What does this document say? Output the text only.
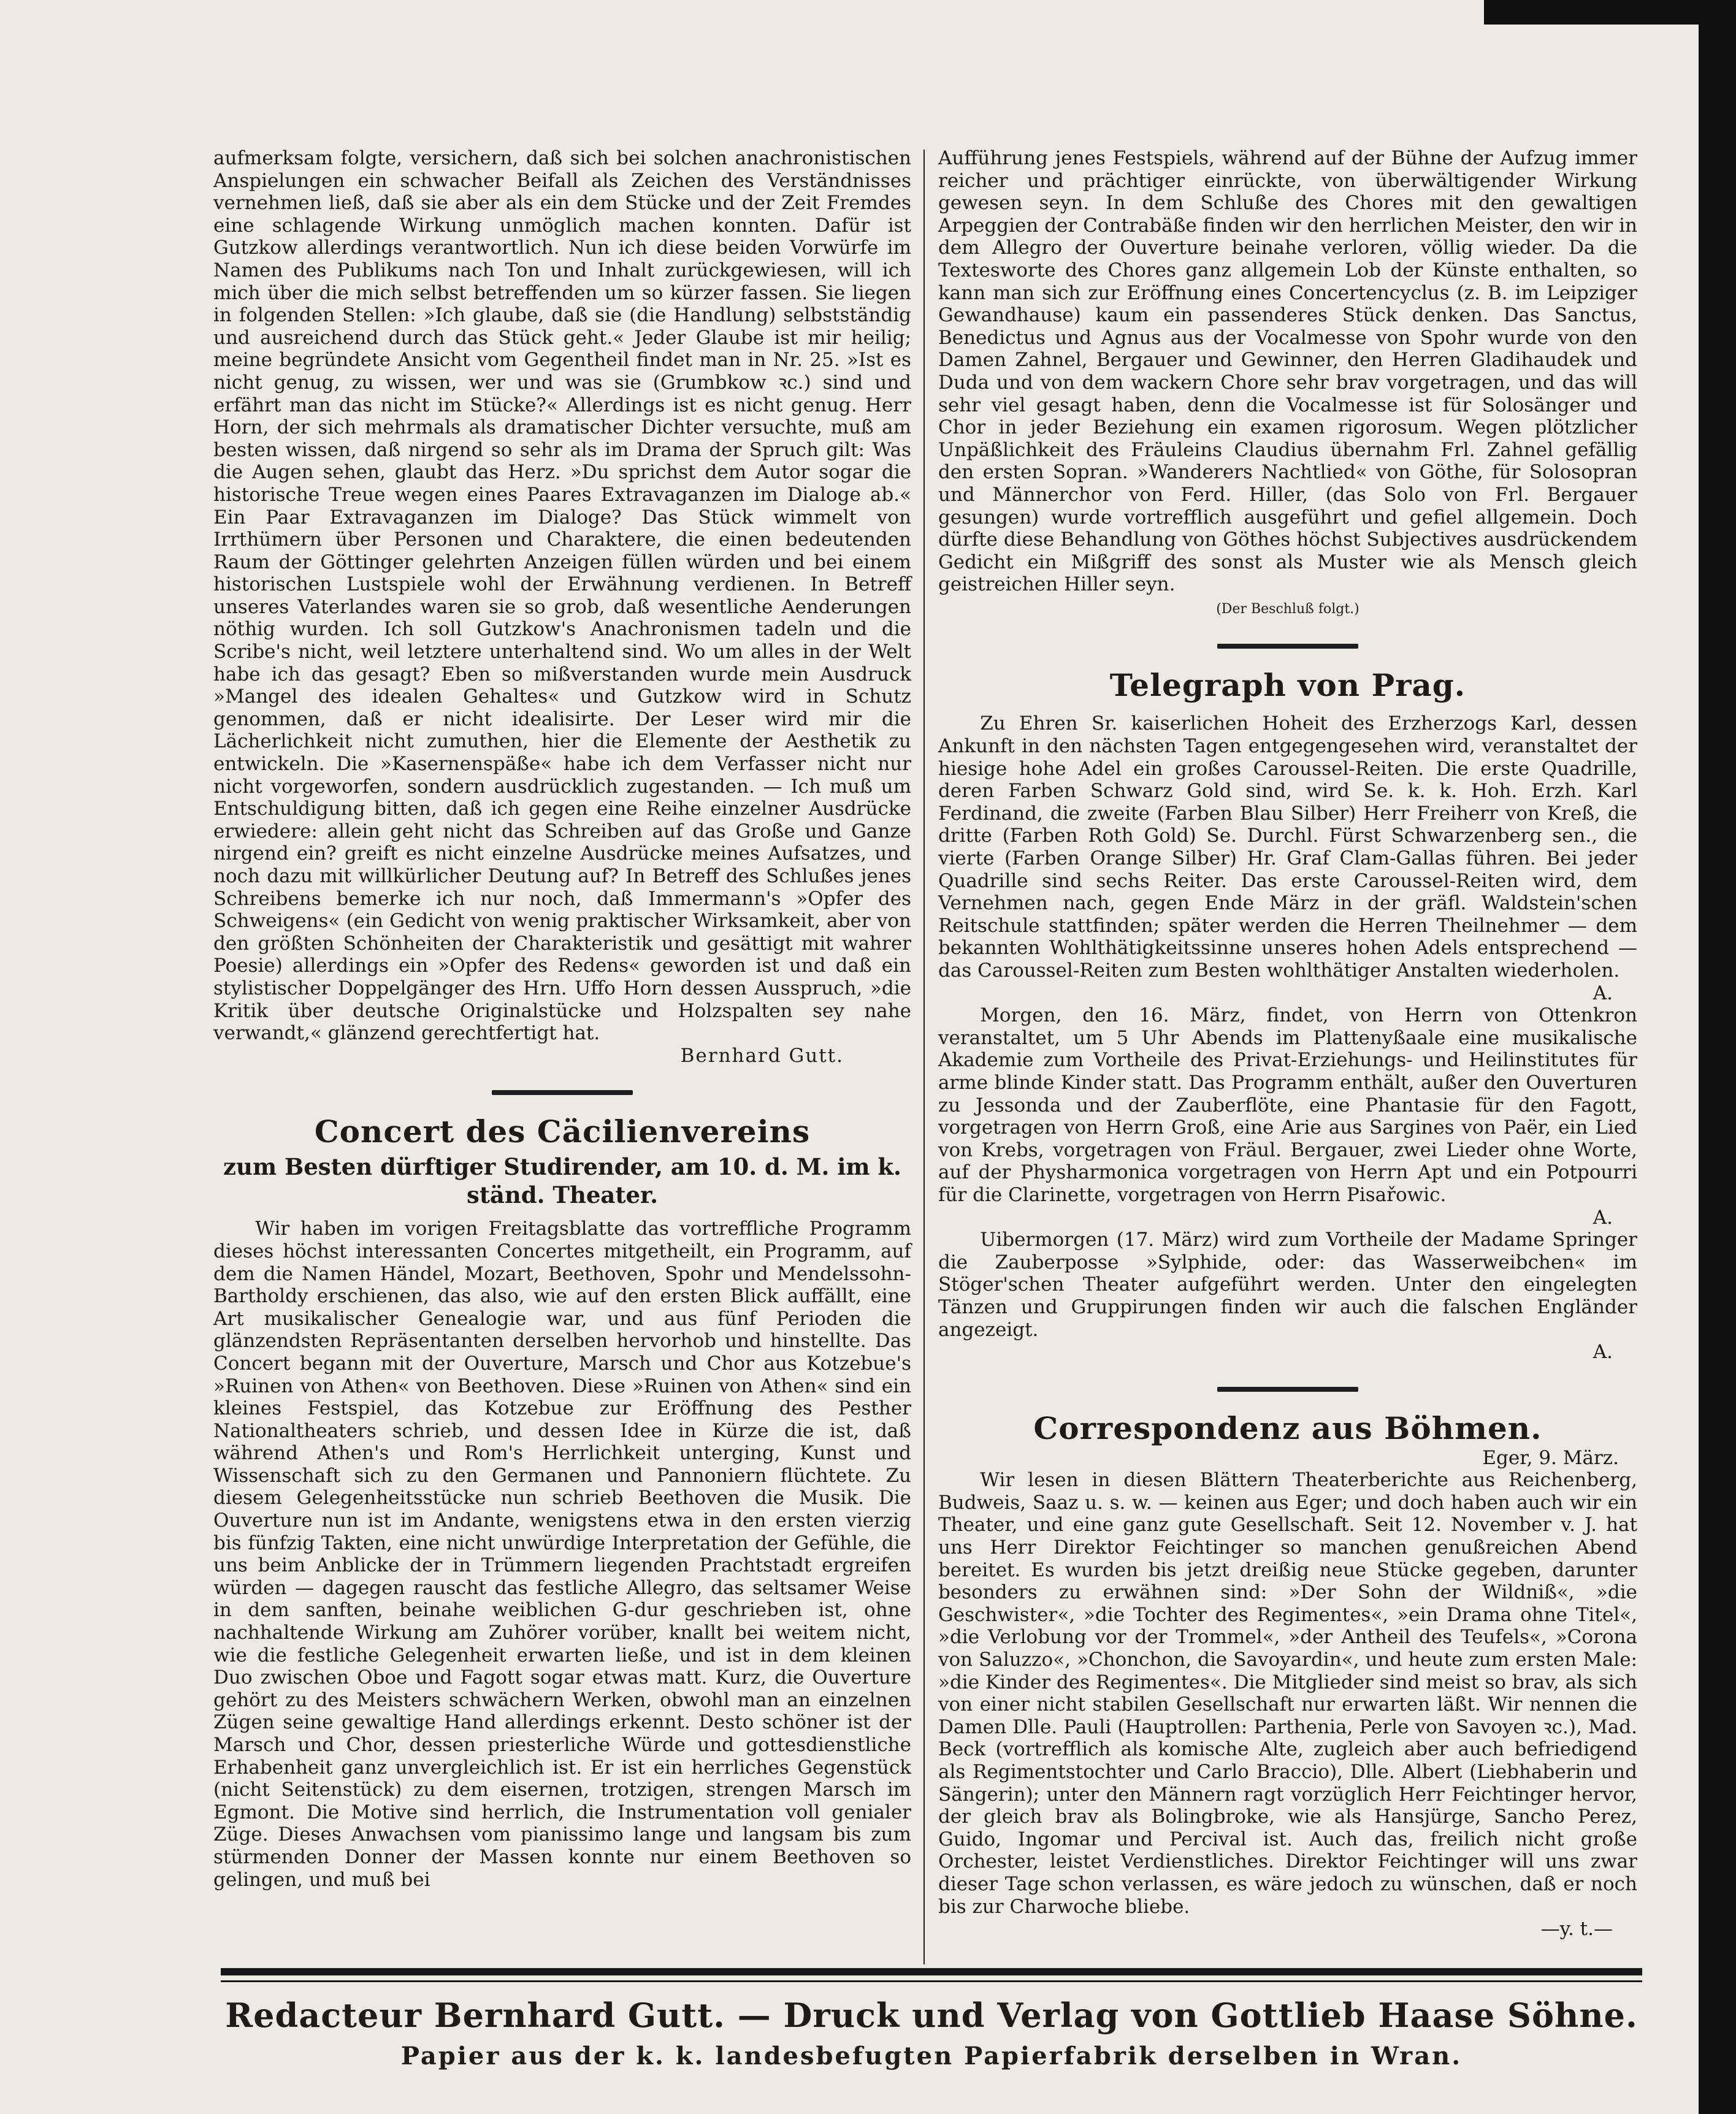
aufmerksam folgte, versichern, daß sich bei solchen anachronistischen Anspielungen ein schwacher Beifall als Zeichen des Verständnisses vernehmen ließ, daß sie aber als ein dem Stücke und der Zeit Fremdes eine schlagende Wirkung unmöglich machen konnten. Dafür ist Gutzkow allerdings verantwortlich. Nun ich diese beiden Vorwürfe im Namen des Publikums nach Ton und Inhalt zurückgewiesen, will ich mich über die mich selbst betreffenden um so kürzer fassen. Sie liegen in folgenden Stellen: »Ich glaube, daß sie (die Handlung) selbstständig und ausreichend durch das Stück geht.« Jeder Glaube ist mir heilig; meine begründete Ansicht vom Gegentheil findet man in Nr. 25. »Ist es nicht genug, zu wissen, wer und was sie (Grumbkow ꝛc.) sind und erfährt man das nicht im Stücke?« Allerdings ist es nicht genug. Herr Horn, der sich mehrmals als dramatischer Dichter versuchte, muß am besten wissen, daß nirgend so sehr als im Drama der Spruch gilt: Was die Augen sehen, glaubt das Herz. »Du sprichst dem Autor sogar die historische Treue wegen eines Paares Extravaganzen im Dialoge ab.« Ein Paar Extravaganzen im Dialoge? Das Stück wimmelt von Irrthümern über Personen und Charaktere, die einen bedeutenden Raum der Göttinger gelehrten Anzeigen füllen würden und bei einem historischen Lustspiele wohl der Erwähnung verdienen. In Betreff unseres Vaterlandes waren sie so grob, daß wesentliche Aenderungen nöthig wurden. Ich soll Gutzkow's Anachronismen tadeln und die Scribe's nicht, weil letztere unterhaltend sind. Wo um alles in der Welt habe ich das gesagt? Eben so mißverstanden wurde mein Ausdruck »Mangel des idealen Gehaltes« und Gutzkow wird in Schutz genommen, daß er nicht idealisirte. Der Leser wird mir die Lächerlichkeit nicht zumuthen, hier die Elemente der Aesthetik zu entwickeln. Die »Kasernenspäße« habe ich dem Verfasser nicht nur nicht vorgeworfen, sondern ausdrücklich zugestanden. — Ich muß um Entschuldigung bitten, daß ich gegen eine Reihe einzelner Ausdrücke erwiedere: allein geht nicht das Schreiben auf das Große und Ganze nirgend ein? greift es nicht einzelne Ausdrücke meines Aufsatzes, und noch dazu mit willkürlicher Deutung auf? In Betreff des Schlußes jenes Schreibens bemerke ich nur noch, daß Immermann's »Opfer des Schweigens« (ein Gedicht von wenig praktischer Wirksamkeit, aber von den größten Schönheiten der Charakteristik und gesättigt mit wahrer Poesie) allerdings ein »Opfer des Redens« geworden ist und daß ein stylistischer Doppelgänger des Hrn. Uffo Horn dessen Ausspruch, »die Kritik über deutsche Originalstücke und Holzspalten sey nahe verwandt,« glänzend gerechtfertigt hat.

Bernhard Gutt.
Concert des Cäcilienvereins
zum Besten dürftiger Studirender, am 10. d. M. im k. ständ. Theater.

Wir haben im vorigen Freitagsblatte das vortreffliche Programm dieses höchst interessanten Concertes mitgetheilt, ein Programm, auf dem die Namen Händel, Mozart, Beethoven, Spohr und Mendelssohn-Bartholdy erschienen, das also, wie auf den ersten Blick auffällt, eine Art musikalischer Genealogie war, und aus fünf Perioden die glänzendsten Repräsentanten derselben hervorhob und hinstellte. Das Concert begann mit der Ouverture, Marsch und Chor aus Kotzebue's »Ruinen von Athen« von Beethoven. Diese »Ruinen von Athen« sind ein kleines Festspiel, das Kotzebue zur Eröffnung des Pesther Nationaltheaters schrieb, und dessen Idee in Kürze die ist, daß während Athen's und Rom's Herrlichkeit unterging, Kunst und Wissenschaft sich zu den Germanen und Pannoniern flüchtete. Zu diesem Gelegenheitsstücke nun schrieb Beethoven die Musik. Die Ouverture nun ist im Andante, wenigstens etwa in den ersten vierzig bis fünfzig Takten, eine nicht unwürdige Interpretation der Gefühle, die uns beim Anblicke der in Trümmern liegenden Prachtstadt ergreifen würden — dagegen rauscht das festliche Allegro, das seltsamer Weise in dem sanften, beinahe weiblichen G-dur geschrieben ist, ohne nachhaltende Wirkung am Zuhörer vorüber, knallt bei weitem nicht, wie die festliche Gelegenheit erwarten ließe, und ist in dem kleinen Duo zwischen Oboe und Fagott sogar etwas matt. Kurz, die Ouverture gehört zu des Meisters schwächern Werken, obwohl man an einzelnen Zügen seine gewaltige Hand allerdings erkennt. Desto schöner ist der Marsch und Chor, dessen priesterliche Würde und gottesdienstliche Erhabenheit ganz unvergleichlich ist. Er ist ein herrliches Gegenstück (nicht Seitenstück) zu dem eisernen, trotzigen, strengen Marsch im Egmont. Die Motive sind herrlich, die Instrumentation voll genialer Züge. Dieses Anwachsen vom pianissimo lange und langsam bis zum stürmenden Donner der Massen konnte nur einem Beethoven so gelingen, und muß bei

Aufführung jenes Festspiels, während auf der Bühne der Aufzug immer reicher und prächtiger einrückte, von überwältigender Wirkung gewesen seyn. In dem Schluße des Chores mit den gewaltigen Arpeggien der Contrabäße finden wir den herrlichen Meister, den wir in dem Allegro der Ouverture beinahe verloren, völlig wieder. Da die Textesworte des Chores ganz allgemein Lob der Künste enthalten, so kann man sich zur Eröffnung eines Concertencyclus (z. B. im Leipziger Gewandhause) kaum ein passenderes Stück denken. Das Sanctus, Benedictus und Agnus aus der Vocalmesse von Spohr wurde von den Damen Zahnel, Bergauer und Gewinner, den Herren Gladihaudek und Duda und von dem wackern Chore sehr brav vorgetragen, und das will sehr viel gesagt haben, denn die Vocalmesse ist für Solosänger und Chor in jeder Beziehung ein examen rigorosum. Wegen plötzlicher Unpäßlichkeit des Fräuleins Claudius übernahm Frl. Zahnel gefällig den ersten Sopran. »Wanderers Nachtlied« von Göthe, für Solosopran und Männerchor von Ferd. Hiller, (das Solo von Frl. Bergauer gesungen) wurde vortrefflich ausgeführt und gefiel allgemein. Doch dürfte diese Behandlung von Göthes höchst Subjectives ausdrückendem Gedicht ein Mißgriff des sonst als Muster wie als Mensch gleich geistreichen Hiller seyn.

(Der Beschluß folgt.)
Telegraph von Prag.

Zu Ehren Sr. kaiserlichen Hoheit des Erzherzogs Karl, dessen Ankunft in den nächsten Tagen entgegengesehen wird, veranstaltet der hiesige hohe Adel ein großes Caroussel-Reiten. Die erste Quadrille, deren Farben Schwarz Gold sind, wird Se. k. k. Hoh. Erzh. Karl Ferdinand, die zweite (Farben Blau Silber) Herr Freiherr von Kreß, die dritte (Farben Roth Gold) Se. Durchl. Fürst Schwarzenberg sen., die vierte (Farben Orange Silber) Hr. Graf Clam-Gallas führen. Bei jeder Quadrille sind sechs Reiter. Das erste Caroussel-Reiten wird, dem Vernehmen nach, gegen Ende März in der gräfl. Waldstein'schen Reitschule stattfinden; später werden die Herren Theilnehmer — dem bekannten Wohlthätigkeitssinne unseres hohen Adels entsprechend — das Caroussel-Reiten zum Besten wohlthätiger Anstalten wiederholen.

A.

Morgen, den 16. März, findet, von Herrn von Ottenkron veranstaltet, um 5 Uhr Abends im Plattenyßaale eine musikalische Akademie zum Vortheile des Privat-Erziehungs- und Heilinstitutes für arme blinde Kinder statt. Das Programm enthält, außer den Ouverturen zu Jessonda und der Zauberflöte, eine Phantasie für den Fagott, vorgetragen von Herrn Groß, eine Arie aus Sargines von Paër, ein Lied von Krebs, vorgetragen von Fräul. Bergauer, zwei Lieder ohne Worte, auf der Physharmonica vorgetragen von Herrn Apt und ein Potpourri für die Clarinette, vorgetragen von Herrn Pisařowic.

A.

Uibermorgen (17. März) wird zum Vortheile der Madame Springer die Zauberposse »Sylphide, oder: das Wasserweibchen« im Stöger'schen Theater aufgeführt werden. Unter den eingelegten Tänzen und Gruppirungen finden wir auch die falschen Engländer angezeigt.

A.
Correspondenz aus Böhmen.
Eger, 9. März.

Wir lesen in diesen Blättern Theaterberichte aus Reichenberg, Budweis, Saaz u. s. w. — keinen aus Eger; und doch haben auch wir ein Theater, und eine ganz gute Gesellschaft. Seit 12. November v. J. hat uns Herr Direktor Feichtinger so manchen genußreichen Abend bereitet. Es wurden bis jetzt dreißig neue Stücke gegeben, darunter besonders zu erwähnen sind: »Der Sohn der Wildniß«, »die Geschwister«, »die Tochter des Regimentes«, »ein Drama ohne Titel«, »die Verlobung vor der Trommel«, »der Antheil des Teufels«, »Corona von Saluzzo«, »Chonchon, die Savoyardin«, und heute zum ersten Male: »die Kinder des Regimentes«. Die Mitglieder sind meist so brav, als sich von einer nicht stabilen Gesellschaft nur erwarten läßt. Wir nennen die Damen Dlle. Pauli (Hauptrollen: Parthenia, Perle von Savoyen ꝛc.), Mad. Beck (vortrefflich als komische Alte, zugleich aber auch befriedigend als Regimentstochter und Carlo Braccio), Dlle. Albert (Liebhaberin und Sängerin); unter den Männern ragt vorzüglich Herr Feichtinger hervor, der gleich brav als Bolingbroke, wie als Hansjürge, Sancho Perez, Guido, Ingomar und Percival ist. Auch das, freilich nicht große Orchester, leistet Verdienstliches. Direktor Feichtinger will uns zwar dieser Tage schon verlassen, es wäre jedoch zu wünschen, daß er noch bis zur Charwoche bliebe.

—y. t.—
Redacteur Bernhard Gutt. — Druck und Verlag von Gottlieb Haase Söhne.
Papier aus der k. k. landesbefugten Papierfabrik derselben in Wran.
